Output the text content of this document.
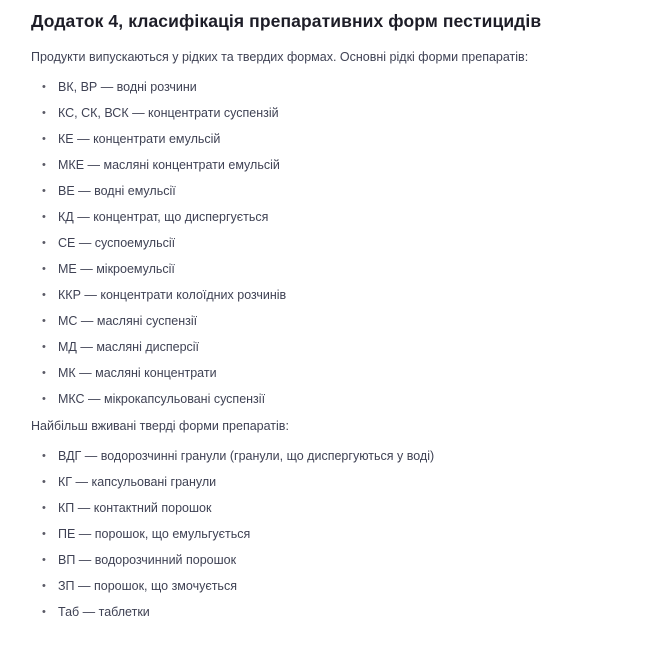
Додаток 4, класифікація препаративних форм пестицидів

Продукти випускаються у рідких та твердих формах. Основні рідкі форми препаратів:

• ВК, ВР — водні розчини
• КС, СК, ВСК — концентрати суспензій
• КЕ — концентрати емульсій
• МКЕ — масляні концентрати емульсій
• ВЕ — водні емульсії
• КД — концентрат, що диспергується
• СЕ — суспоемульсії
• МЕ — мікроемульсії
• ККР — концентрати колоїдних розчинів
• МС — масляні суспензії
• МД — масляні дисперсії
• МК — масляні концентрати
• МКС — мікрокапсульовані суспензії

Найбільш вживані тверді форми препаратів:

• ВДГ — водорозчинні гранули (гранули, що диспергуються у воді)
• КГ — капсульовані гранули
• КП — контактний порошок
• ПЕ — порошок, що емульгується
• ВП — водорозчинний порошок
• ЗП — порошок, що змочується
• Таб — таблетки
